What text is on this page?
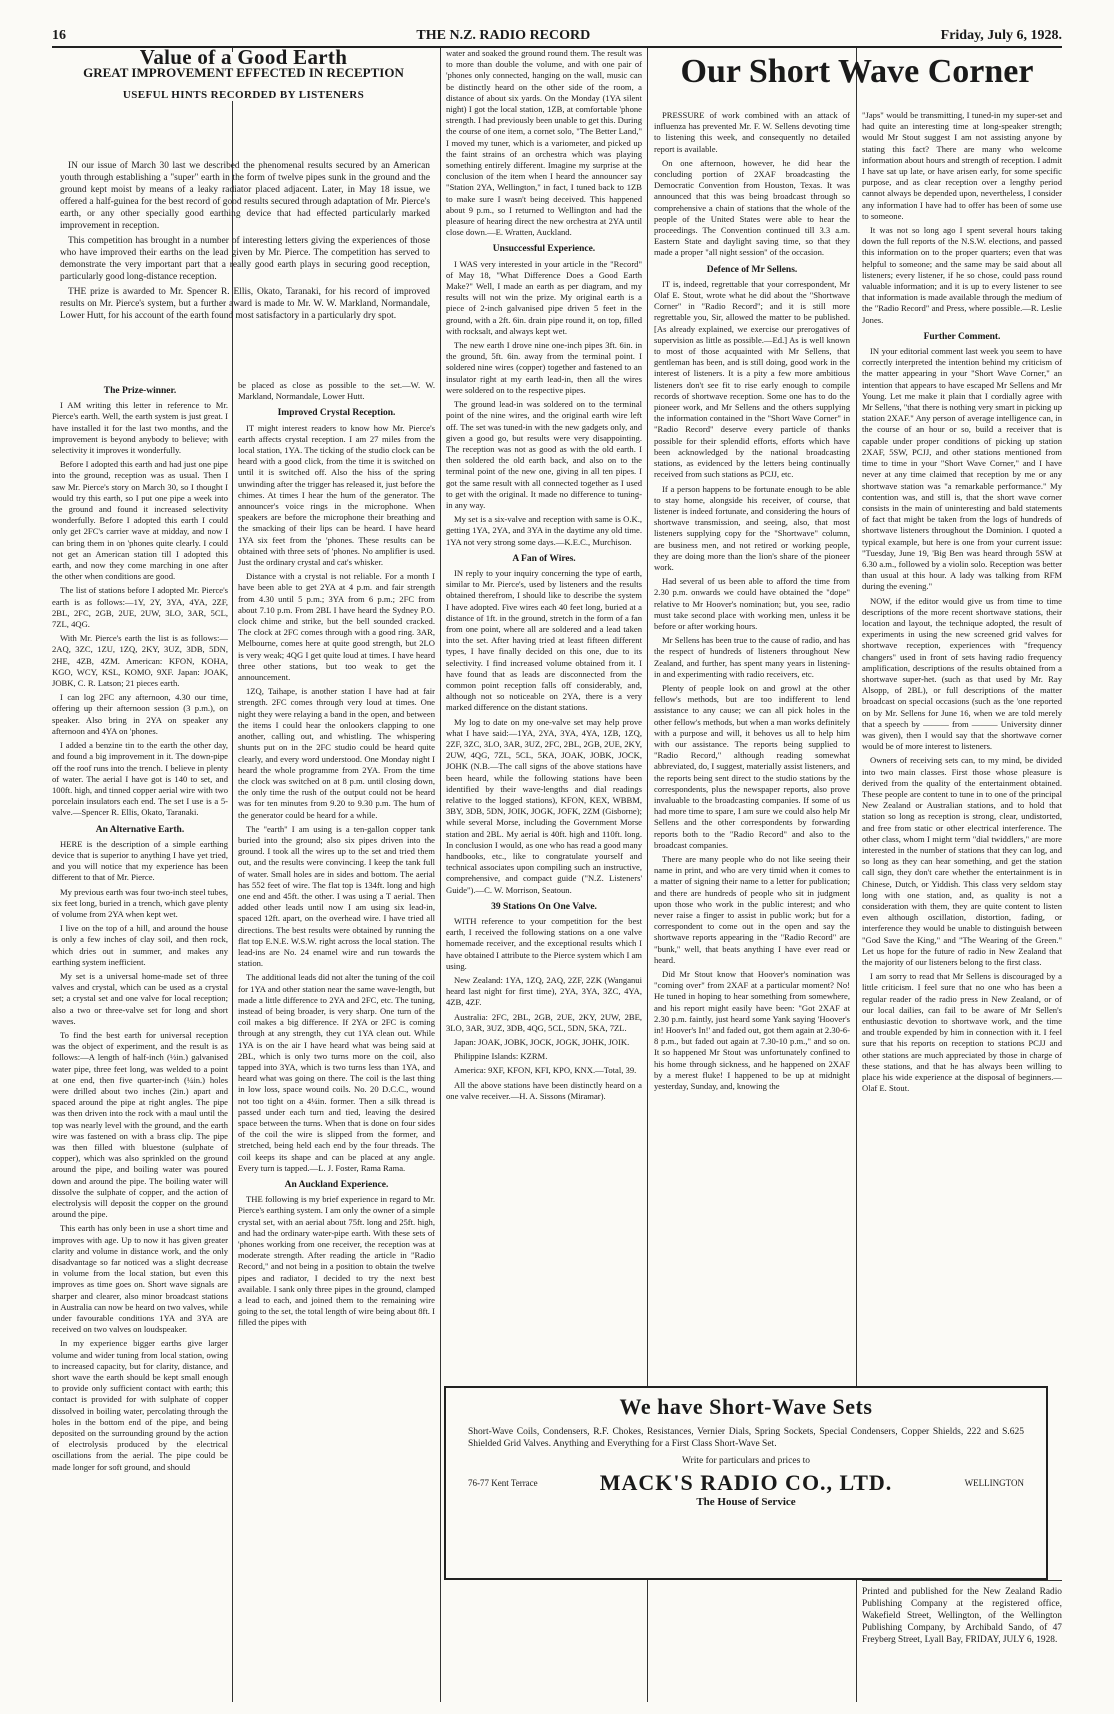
16	THE N.Z. RADIO RECORD	Friday, July 6, 1928.
Value of a Good Earth
GREAT IMPROVEMENT EFFECTED IN RECEPTION
USEFUL HINTS RECORDED BY LISTENERS

IN our issue of March 30 last we described the phenomenal results secured by an American youth through establishing a "super" earth in the form of twelve pipes sunk in the ground and the ground kept moist by means of a leaky radiator placed adjacent. Later, in May 18 issue, we offered a half-guinea for the best record of good results secured through adaptation of Mr. Pierce's earth, or any other specially good earthing device that had effected particularly marked improvement in reception.

This competition has brought in a number of interesting letters giving the experiences of those who have improved their earths on the lead given by Mr. Pierce. The competition has served to demonstrate the very important part that a really good earth plays in securing good reception, particularly good long-distance reception.

THE prize is awarded to Mr. Spencer R. Ellis, Okato, Taranaki, for his record of improved results on Mr. Pierce's system, but a further award is made to Mr. W. W. Markland, Normandale, Lower Hutt, for his account of the earth found most satisfactory in a particularly dry spot.

The Prize-winner.

I AM writing this letter in reference to Mr. Pierce's earth. Well, the earth system is just great. I have installed it for the last two months, and the improvement is beyond anybody to believe; with selectivity it improves it wonderfully.

Before I adopted this earth and had just one pipe into the ground, reception was as usual. Then I saw Mr. Pierce's story on March 30, so I thought I would try this earth, so I put one pipe a week into the ground and found it increased selectivity wonderfully. Before I adopted this earth I could only get 2FC's carrier wave at midday, and now I can bring them in on 'phones quite clearly. I could not get an American station till I adopted this earth, and now they come marching in one after the other when conditions are good.

The list of stations before I adopted Mr. Pierce's earth is as follows:—1Y, 2Y, 3YA, 4YA, 2ZF, 2BL, 2FC, 2GB, 2UE, 2UW, 3LO, 3AR, 5CL, 7ZL, 4QG.

With Mr. Pierce's earth the list is as follows:—2AQ, 3ZC, 1ZU, 1ZQ, 2KY, 3UZ, 3DB, 5DN, 2HE, 4ZB, 4ZM. American: KFON, KOHA, KGO, WCY, KSL, KOMO, 9XF. Japan: JOAK, JOBK, C. R. Latson; 21 pieces earth.

I can log 2FC any afternoon, 4.30 our time, offering up their afternoon session (3 p.m.), on speaker. Also bring in 2YA on speaker any afternoon and 4YA on 'phones.

I added a benzine tin to the earth the other day, and found a big improvement in it. The down-pipe off the roof runs into the trench. I believe in plenty of water. The aerial I have got is 140 to set, and 100ft. high, and tinned copper aerial wire with two porcelain insulators each end. The set I use is a 5-valve.—Spencer R. Ellis, Okato, Taranaki.

An Alternative Earth.

HERE is the description of a simple earthing device that is superior to anything I have yet tried, and you will notice that my experience has been different to that of Mr. Pierce.

My previous earth was four two-inch steel tubes, six feet long, buried in a trench, which gave plenty of volume from 2YA when kept wet.

I live on the top of a hill, and around the house is only a few inches of clay soil, and then rock, which dries out in summer, and makes any earthing system inefficient.

My set is a universal home-made set of three valves and crystal, which can be used as a crystal set; a crystal set and one valve for local reception; also a two or three-valve set for long and short waves.

To find the best earth for universal reception was the object of experiment, and the result is as follows:—A length of half-inch (½in.) galvanised water pipe, three feet long, was welded to a point at one end, then five quarter-inch (¼in.) holes were drilled about two inches (2in.) apart and spaced around the pipe at right angles. The pipe was then driven into the rock with a maul until the top was nearly level with the ground, and the earth wire was fastened on with a brass clip. The pipe was then filled with bluestone (sulphate of copper), which was also sprinkled on the ground around the pipe, and boiling water was poured down and around the pipe. The boiling water will dissolve the sulphate of copper, and the action of electrolysis will deposit the copper on the ground around the pipe.

This earth has only been in use a short time and improves with age. Up to now it has given greater clarity and volume in distance work, and the only disadvantage so far noticed was a slight decrease in volume from the local station, but even this improves as time goes on. Short wave signals are sharper and clearer, also minor broadcast stations in Australia can now be heard on two valves, while under favourable conditions 1YA and 3YA are received on two valves on loudspeaker.

In my experience bigger earths give larger volume and wider tuning from local station, owing to increased capacity, but for clarity, distance, and short wave the earth should be kept small enough to provide only sufficient contact with earth; this contact is provided for with sulphate of copper dissolved in boiling water, percolating through the holes in the bottom end of the pipe, and being deposited on the surrounding ground by the action of electrolysis produced by the electrical oscillations from the aerial. The pipe could be made longer for soft ground, and should

be placed as close as possible to the set.—W. W. Markland, Normandale, Lower Hutt.

Improved Crystal Reception.

IT might interest readers to know how Mr. Pierce's earth affects crystal reception. I am 27 miles from the local station, 1YA. The ticking of the studio clock can be heard with a good click, from the time it is switched on until it is switched off. Also the hiss of the spring unwinding after the trigger has released it, just before the chimes. At times I hear the hum of the generator. The announcer's voice rings in the microphone. When speakers are before the microphone their breathing and the smacking of their lips can be heard. I have heard 1YA six feet from the 'phones. These results can be obtained with three sets of 'phones. No amplifier is used. Just the ordinary crystal and cat's whisker.

Distance with a crystal is not reliable. For a month I have been able to get 2YA at 4 p.m. and fair strength from 4.30 until 5 p.m.; 3YA from 6 p.m.; 2FC from about 7.10 p.m. From 2BL I have heard the Sydney P.O. clock chime and strike, but the bell sounded cracked. The clock at 2FC comes through with a good ring. 3AR, Melbourne, comes here at quite good strength, but 2LO is very weak; 4QG I get quite loud at times. I have heard three other stations, but too weak to get the announcement.

1ZQ, Taihape, is another station I have had at fair strength. 2FC comes through very loud at times. One night they were relaying a band in the open, and between the items I could hear the onlookers clapping to one another, calling out, and whistling. The whispering shunts put on in the 2FC studio could be heard quite clearly, and every word understood. One Monday night I heard the whole programme from 2YA. From the time the clock was switched on at 8 p.m. until closing down, the only time the rush of the output could not be heard was for ten minutes from 9.20 to 9.30 p.m. The hum of the generator could be heard for a while.

The "earth" I am using is a ten-gallon copper tank buried into the ground; also six pipes driven into the ground. I took all the wires up to the set and tried them out, and the results were convincing. I keep the tank full of water. Small holes are in sides and bottom. The aerial has 552 feet of wire. The flat top is 134ft. long and high one end and 45ft. the other. I was using a T aerial. Then added other leads until now I am using six lead-in, spaced 12ft. apart, on the overhead wire. I have tried all directions. The best results were obtained by running the flat top E.N.E. W.S.W. right across the local station. The lead-ins are No. 24 enamel wire and run towards the station.

The additional leads did not alter the tuning of the coil for 1YA and other station near the same wave-length, but made a little difference to 2YA and 2FC, etc. The tuning, instead of being broader, is very sharp. One turn of the coil makes a big difference. If 2YA or 2FC is coming through at any strength, they cut 1YA clean out. While 1YA is on the air I have heard what was being said at 2BL, which is only two turns more on the coil, also tapped into 3YA, which is two turns less than 1YA, and heard what was going on there. The coil is the last thing in low loss, space wound coils. No. 20 D.C.C., wound not too tight on a 4¼in. former. Then a silk thread is passed under each turn and tied, leaving the desired space between the turns. When that is done on four sides of the coil the wire is slipped from the former, and stretched, being held each end by the four threads. The coil keeps its shape and can be placed at any angle. Every turn is tapped.—L. J. Foster, Rama Rama.

An Auckland Experience.

THE following is my brief experience in regard to Mr. Pierce's earthing system. I am only the owner of a simple crystal set, with an aerial about 75ft. long and 25ft. high, and had the ordinary water-pipe earth. With these sets of 'phones working from one receiver, the reception was at moderate strength. After reading the article in "Radio Record," and not being in a position to obtain the twelve pipes and radiator, I decided to try the next best available. I sank only three pipes in the ground, clamped a lead to each, and joined them to the remaining wire going to the set, the total length of wire being about 8ft. I filled the pipes with

water and soaked the ground round them. The result was to more than double the volume, and with one pair of 'phones only connected, hanging on the wall, music can be distinctly heard on the other side of the room, a distance of about six yards. On the Monday (1YA silent night) I got the local station, 1ZB, at comfortable 'phone strength. I had previously been unable to get this. During the course of one item, a cornet solo, "The Better Land," I moved my tuner, which is a variometer, and picked up the faint strains of an orchestra which was playing something entirely different. Imagine my surprise at the conclusion of the item when I heard the announcer say "Station 2YA, Wellington," in fact, I tuned back to 1ZB to make sure I wasn't being deceived. This happened about 9 p.m., so I returned to Wellington and had the pleasure of hearing direct the new orchestra at 2YA until close down.—E. Wratten, Auckland.

Unsuccessful Experience.

I WAS very interested in your article in the "Record" of May 18, "What Difference Does a Good Earth Make?" Well, I made an earth as per diagram, and my results will not win the prize. My original earth is a piece of 2-inch galvanised pipe driven 5 feet in the ground, with a 2ft. 6in. drain pipe round it, on top, filled with rocksalt, and always kept wet.

The new earth I drove nine one-inch pipes 3ft. 6in. in the ground, 5ft. 6in. away from the terminal point. I soldered nine wires (copper) together and fastened to an insulator right at my earth lead-in, then all the wires were soldered on to the respective pipes.

The ground lead-in was soldered on to the terminal point of the nine wires, and the original earth wire left off. The set was tuned-in with the new gadgets only, and given a good go, but results were very disappointing. The reception was not as good as with the old earth. I then soldered the old earth back, and also on to the terminal point of the new one, giving in all ten pipes. I got the same result with all connected together as I used to get with the original. It made no difference to tuning-in any way.

My set is a six-valve and reception with same is O.K., getting 1YA, 2YA, and 3YA in the daytime any old time. 1YA not very strong some days.—K.E.C., Murchison.

A Fan of Wires.

IN reply to your inquiry concerning the type of earth, similar to Mr. Pierce's, used by listeners and the results obtained therefrom, I should like to describe the system I have adopted. Five wires each 40 feet long, buried at a distance of 1ft. in the ground, stretch in the form of a fan from one point, where all are soldered and a lead taken into the set. After having tried at least fifteen different types, I have finally decided on this one, due to its selectivity. I find increased volume obtained from it. I have found that as leads are disconnected from the common point reception falls off considerably, and, although not so noticeable on 2YA, there is a very marked difference on the distant stations.

My log to date on my one-valve set may help prove what I have said:—1YA, 2YA, 3YA, 4YA, 1ZB, 1ZQ, 2ZF, 3ZC, 3LO, 3AR, 3UZ, 2FC, 2BL, 2GB, 2UE, 2KY, 2UW, 4QG, 7ZL, 5CL, 5KA, JOAK, JOBK, JOCK, JOHK (N.B.—The call signs of the above stations have been heard, while the following stations have been identified by their wave-lengths and dial readings relative to the logged stations), KFON, KEX, WBBM, 3BY, 3DB, 5DN, JOIK, JOGK, JOFK, 2ZM (Gisborne); while several Morse, including the Government Morse station and 2BL. My aerial is 40ft. high and 110ft. long. In conclusion I would, as one who has read a good many handbooks, etc., like to congratulate yourself and technical associates upon compiling such an instructive, comprehensive, and compact guide ("N.Z. Listeners' Guide").—C. W. Morrison, Seatoun.

39 Stations On One Valve.

WITH reference to your competition for the best earth, I received the following stations on a one valve homemade receiver, and the exceptional results which I have obtained I attribute to the Pierce system which I am using.

New Zealand: 1YA, 1ZQ, 2AQ, 2ZF, 2ZK (Wanganui heard last night for first time), 2YA, 3YA, 3ZC, 4YA, 4ZB, 4ZF.

Australia: 2FC, 2BL, 2GB, 2UE, 2KY, 2UW, 2BE, 3LO, 3AR, 3UZ, 3DB, 4QG, 5CL, 5DN, 5KA, 7ZL.

Japan: JOAK, JOBK, JOCK, JOGK, JOHK, JOIK.

Philippine Islands: KZRM.

America: 9XF, KFON, KFI, KPO, KNX.—Total, 39.

All the above stations have been distinctly heard on a one valve receiver.—H. A. Sissons (Miramar).

Our Short Wave Corner

PRESSURE of work combined with an attack of influenza has prevented Mr. F. W. Sellens devoting time to listening this week, and consequently no detailed report is available.

On one afternoon, however, he did hear the concluding portion of 2XAF broadcasting the Democratic Convention from Houston, Texas. It was announced that this was being broadcast through so comprehensive a chain of stations that the whole of the people of the United States were able to hear the proceedings. The Convention continued till 3.3 a.m. Eastern State and daylight saving time, so that they made a proper "all night session" of the occasion.

Defence of Mr Sellens.

IT is, indeed, regrettable that your correspondent, Mr Olaf E. Stout, wrote what he did about the "Shortwave Corner" in "Radio Record"; and it is still more regrettable you, Sir, allowed the matter to be published. [As already explained, we exercise our prerogatives of supervision as little as possible.—Ed.] As is well known to most of those acquainted with Mr Sellens, that gentleman has been, and is still doing, good work in the interest of listeners. It is a pity a few more ambitious listeners don't see fit to rise early enough to compile records of shortwave reception. Some one has to do the pioneer work, and Mr Sellens and the others supplying the information contained in the "Short Wave Corner" in "Radio Record" deserve every particle of thanks possible for their splendid efforts, efforts which have been acknowledged by the national broadcasting stations, as evidenced by the letters being continually received from such stations as PCJJ, etc.

If a person happens to be fortunate enough to be able to stay home, alongside his receiver, of course, that listener is indeed fortunate, and considering the hours of shortwave transmission, and seeing, also, that most listeners supplying copy for the "Shortwave" column, are business men, and not retired or working people, they are doing more than the lion's share of the pioneer work.

Had several of us been able to afford the time from 2.30 p.m. onwards we could have obtained the "dope" relative to Mr Hoover's nomination; but, you see, radio must take second place with working men, unless it be before or after working hours.

Mr Sellens has been true to the cause of radio, and has the respect of hundreds of listeners throughout New Zealand, and further, has spent many years in listening-in and experimenting with radio receivers, etc.

Plenty of people look on and growl at the other fellow's methods, but are too indifferent to lend assistance to any cause; we can all pick holes in the other fellow's methods, but when a man works definitely with a purpose and will, it behoves us all to help him with our assistance. The reports being supplied to "Radio Record," although reading somewhat abbreviated, do, I suggest, materially assist listeners, and the reports being sent direct to the studio stations by the correspondents, plus the newspaper reports, also prove invaluable to the broadcasting companies. If some of us had more time to spare, I am sure we could also help Mr Sellens and the other correspondents by forwarding reports both to the "Radio Record" and also to the broadcast companies.

There are many people who do not like seeing their name in print, and who are very timid when it comes to a matter of signing their name to a letter for publication; and there are hundreds of people who sit in judgment upon those who work in the public interest; and who never raise a finger to assist in public work; but for a correspondent to come out in the open and say the shortwave reports appearing in the "Radio Record" are "bunk," well, that beats anything I have ever read or heard.

Did Mr Stout know that Hoover's nomination was "coming over" from 2XAF at a particular moment? No! He tuned in hoping to hear something from somewhere, and his report might easily have been: "Got 2XAF at 2.30 p.m. faintly, just heard some Yank saying 'Hoover's in! Hoover's In!' and faded out, got them again at 2.30-6-8 p.m., but faded out again at 7.30-10 p.m.," and so on. It so happened Mr Stout was unfortunately confined to his home through sickness, and he happened on 2XAF by a merest fluke! I happened to be up at midnight yesterday, Sunday, and, knowing the

"Japs" would be transmitting, I tuned-in my super-set and had quite an interesting time at long-speaker strength; would Mr Stout suggest I am not assisting anyone by stating this fact? There are many who welcome information about hours and strength of reception. I admit I have sat up late, or have arisen early, for some specific purpose, and as clear reception over a lengthy period cannot always be depended upon, nevertheless, I consider any information I have had to offer has been of some use to someone.

It was not so long ago I spent several hours taking down the full reports of the N.S.W. elections, and passed this information on to the proper quarters; even that was helpful to someone; and the same may be said about all listeners; every listener, if he so chose, could pass round valuable information; and it is up to every listener to see that information is made available through the medium of the "Radio Record" and Press, where possible.—R. Leslie Jones.

Further Comment.

IN your editorial comment last week you seem to have correctly interpreted the intention behind my criticism of the matter appearing in your "Short Wave Corner," an intention that appears to have escaped Mr Sellens and Mr Young. Let me make it plain that I cordially agree with Mr Sellens, "that there is nothing very smart in picking up station 2XAF." Any person of average intelligence can, in the course of an hour or so, build a receiver that is capable under proper conditions of picking up station 2XAF, 5SW, PCJJ, and other stations mentioned from time to time in your "Short Wave Corner," and I have never at any time claimed that reception by me or any shortwave station was "a remarkable performance." My contention was, and still is, that the short wave corner consists in the main of uninteresting and bald statements of fact that might be taken from the logs of hundreds of shortwave listeners throughout the Dominion. I quoted a typical example, but here is one from your current issue: "Tuesday, June 19, 'Big Ben was heard through 5SW at 6.30 a.m., followed by a violin solo. Reception was better than usual at this hour. A lady was talking from RFM during the evening."

NOW, if the editor would give us from time to time descriptions of the more recent shortwave stations, their location and layout, the technique adopted, the result of experiments in using the new screened grid valves for shortwave reception, experiences with "frequency changers" used in front of sets having radio frequency amplification, descriptions of the results obtained from a shortwave super-het. (such as that used by Mr. Ray Alsopp, of 2BL), or full descriptions of the matter broadcast on special occasions (such as the 'one reported on by Mr. Sellens for June 16, when we are told merely that a speech by ——— from ——— University dinner was given), then I would say that the shortwave corner would be of more interest to listeners.

Owners of receiving sets can, to my mind, be divided into two main classes. First those whose pleasure is derived from the quality of the entertainment obtained. These people are content to tune in to one of the principal New Zealand or Australian stations, and to hold that station so long as reception is strong, clear, undistorted, and free from static or other electrical interference. The other class, whom I might term "dial twiddlers," are more interested in the number of stations that they can log, and so long as they can hear something, and get the station call sign, they don't care whether the entertainment is in Chinese, Dutch, or Yiddish. This class very seldom stay long with one station, and, as quality is not a consideration with them, they are quite content to listen even although oscillation, distortion, fading, or interference they would be unable to distinguish between "God Save the King," and "The Wearing of the Green." Let us hope for the future of radio in New Zealand that the majority of our listeners belong to the first class.

I am sorry to read that Mr Sellens is discouraged by a little criticism. I feel sure that no one who has been a regular reader of the radio press in New Zealand, or of our local dailies, can fail to be aware of Mr Sellen's enthusiastic devotion to shortwave work, and the time and trouble expended by him in connection with it. I feel sure that his reports on reception to stations PCJJ and other stations are much appreciated by those in charge of these stations, and that he has always been willing to place his wide experience at the disposal of beginners.—Olaf E. Stout.

Printed and published for the New Zealand Radio Publishing Company at the registered office, Wakefield Street, Wellington, of the Wellington Publishing Company, by Archibald Sando, of 47 Freyberg Street, Lyall Bay, FRIDAY, JULY 6, 1928.
We have Short-Wave Sets
Short-Wave Coils, Condensers, R.F. Chokes, Resistances, Vernier Dials, Spring Sockets, Special Condensers, Copper Shields, 222 and S.625 Shielded Grid Valves. Anything and Everything for a First Class Short-Wave Set.
Write for particulars and prices to
MACK'S RADIO CO., LTD.
76-77 Kent Terrace	WELLINGTON
The House of Service
